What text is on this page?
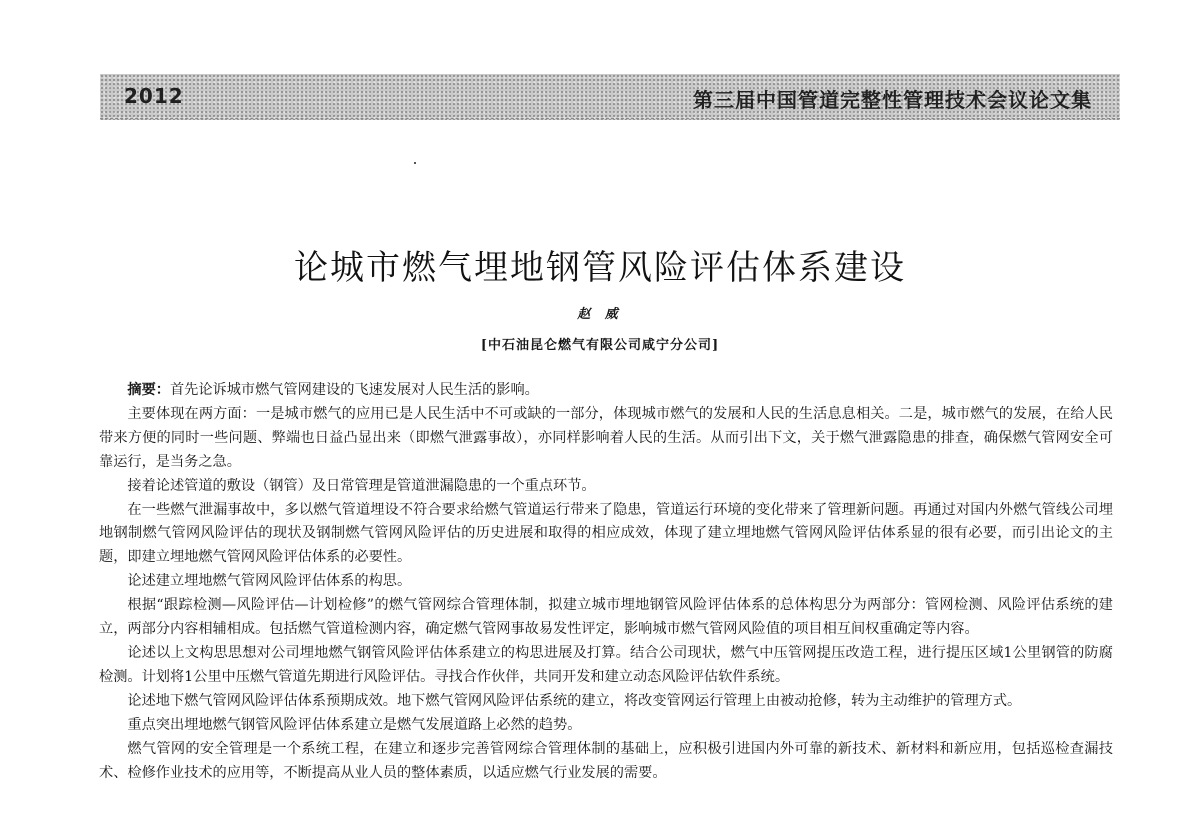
2012	第三届中国管道完整性管理技术会议论文集
论城市燃气埋地钢管风险评估体系建设
赵 威
[中石油昆仑燃气有限公司咸宁分公司]

摘要：首先论诉城市燃气管网建设的飞速发展对人民生活的影响。

主要体现在两方面：一是城市燃气的应用已是人民生活中不可或缺的一部分，体现城市燃气的发展和人民的生活息息相关。二是，城市燃气的发展，在给人民带来方便的同时一些问题、弊端也日益凸显出来（即燃气泄露事故），亦同样影响着人民的生活。从而引出下文，关于燃气泄露隐患的排查，确保燃气管网安全可靠运行，是当务之急。

接着论述管道的敷设（钢管）及日常管理是管道泄漏隐患的一个重点环节。

在一些燃气泄漏事故中，多以燃气管道埋设不符合要求给燃气管道运行带来了隐患，管道运行环境的变化带来了管理新问题。再通过对国内外燃气管线公司埋地钢制燃气管网风险评估的现状及钢制燃气管网风险评估的历史进展和取得的相应成效，体现了建立埋地燃气管网风险评估体系显的很有必要，而引出论文的主题，即建立埋地燃气管网风险评估体系的必要性。

论述建立埋地燃气管网风险评估体系的构思。

根据“跟踪检测—风险评估—计划检修”的燃气管网综合管理体制，拟建立城市埋地钢管风险评估体系的总体构思分为两部分：管网检测、风险评估系统的建立，两部分内容相辅相成。包括燃气管道检测内容，确定燃气管网事故易发性评定，影响城市燃气管网风险值的项目相互间权重确定等内容。

论述以上文构思思想对公司埋地燃气钢管风险评估体系建立的构思进展及打算。结合公司现状，燃气中压管网提压改造工程，进行提压区域1公里钢管的防腐检测。计划将1公里中压燃气管道先期进行风险评估。寻找合作伙伴，共同开发和建立动态风险评估软件系统。

论述地下燃气管网风险评估体系预期成效。地下燃气管网风险评估系统的建立，将改变管网运行管理上由被动抢修，转为主动维护的管理方式。

重点突出埋地燃气钢管风险评估体系建立是燃气发展道路上必然的趋势。

燃气管网的安全管理是一个系统工程，在建立和逐步完善管网综合管理体制的基础上，应积极引进国内外可靠的新技术、新材料和新应用，包括巡检查漏技术、检修作业技术的应用等，不断提高从业人员的整体素质，以适应燃气行业发展的需要。
